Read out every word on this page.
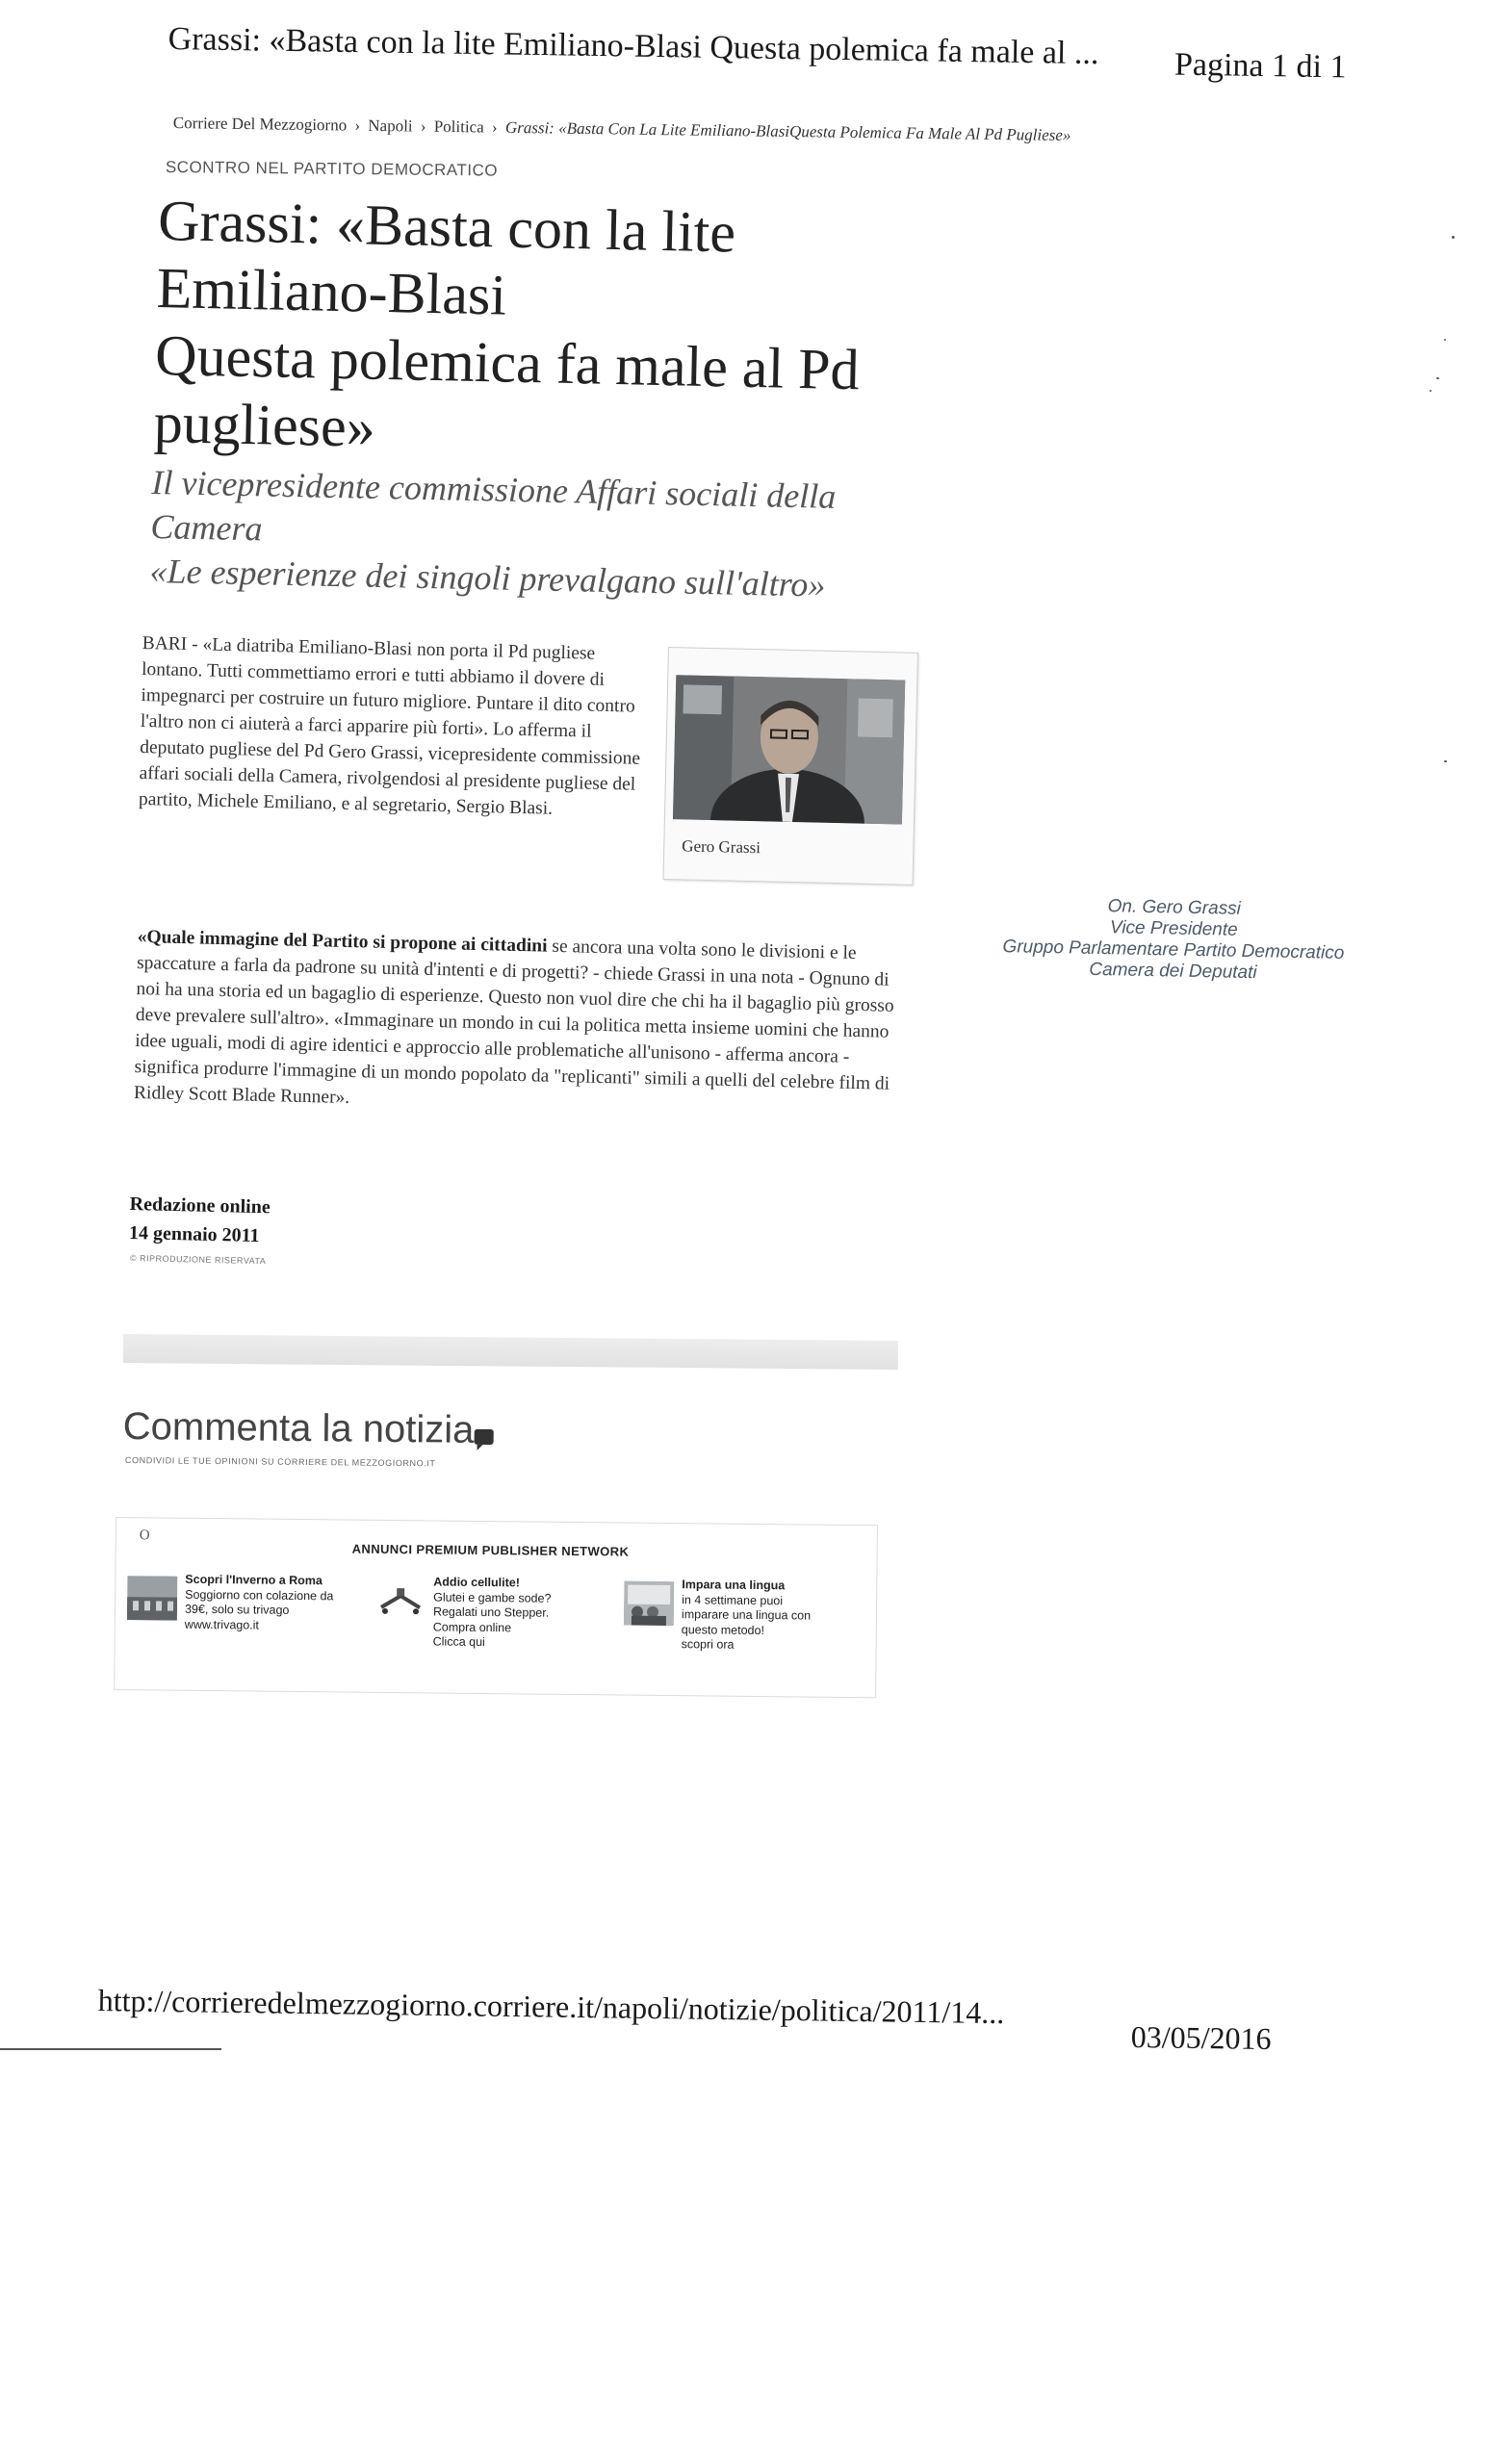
Grassi: «Basta con la lite Emiliano-Blasi Questa polemica fa male al ... Pagina 1 di 1
Corriere Del Mezzogiorno › Napoli › Politica › Grassi: «Basta Con La Lite Emiliano-BlasiQuesta Polemica Fa Male Al Pd Pugliese»
SCONTRO NEL PARTITO DEMOCRATICO
Grassi: «Basta con la lite Emiliano-Blasi
Questa polemica fa male al Pd pugliese»
Il vicepresidente commissione Affari sociali della Camera
«Le esperienze dei singoli prevalgano sull'altro»
BARI - «La diatriba Emiliano-Blasi non porta il Pd pugliese lontano. Tutti commettiamo errori e tutti abbiamo il dovere di impegnarci per costruire un futuro migliore. Puntare il dito contro l'altro non ci aiuterà a farci apparire più forti». Lo afferma il deputato pugliese del Pd Gero Grassi, vicepresidente commissione affari sociali della Camera, rivolgendosi al presidente pugliese del partito, Michele Emiliano, e al segretario, Sergio Blasi.
Gero Grassi
«Quale immagine del Partito si propone ai cittadini se ancora una volta sono le divisioni e le spaccature a farla da padrone su unità d'intenti e di progetti? - chiede Grassi in una nota - Ognuno di noi ha una storia ed un bagaglio di esperienze. Questo non vuol dire che chi ha il bagaglio più grosso deve prevalere sull'altro». «Immaginare un mondo in cui la politica metta insieme uomini che hanno idee uguali, modi di agire identici e approccio alle problematiche all'unisono - afferma ancora - significa produrre l'immagine di un mondo popolato da "replicanti" simili a quelli del celebre film di Ridley Scott Blade Runner».
Redazione online
14 gennaio 2011
© RIPRODUZIONE RISERVATA
On. Gero Grassi
Vice Presidente
Gruppo Parlamentare Partito Democratico
Camera dei Deputati
Commenta la notizia
CONDIVIDI LE TUE OPINIONI SU CORRIERE DEL MEZZOGIORNO.IT
O
ANNUNCI PREMIUM PUBLISHER NETWORK
Scopri l'Inverno a Roma
Soggiorno con colazione da
39€, solo su trivago
www.trivago.it
Addio cellulite!
Glutei e gambe sode?
Regalati uno Stepper.
Compra online
Clicca qui
Impara una lingua
in 4 settimane puoi
imparare una lingua con
questo metodo!
scopri ora
http://corrieredelmezzogiorno.corriere.it/napoli/notizie/politica/2011/14...
03/05/2016
